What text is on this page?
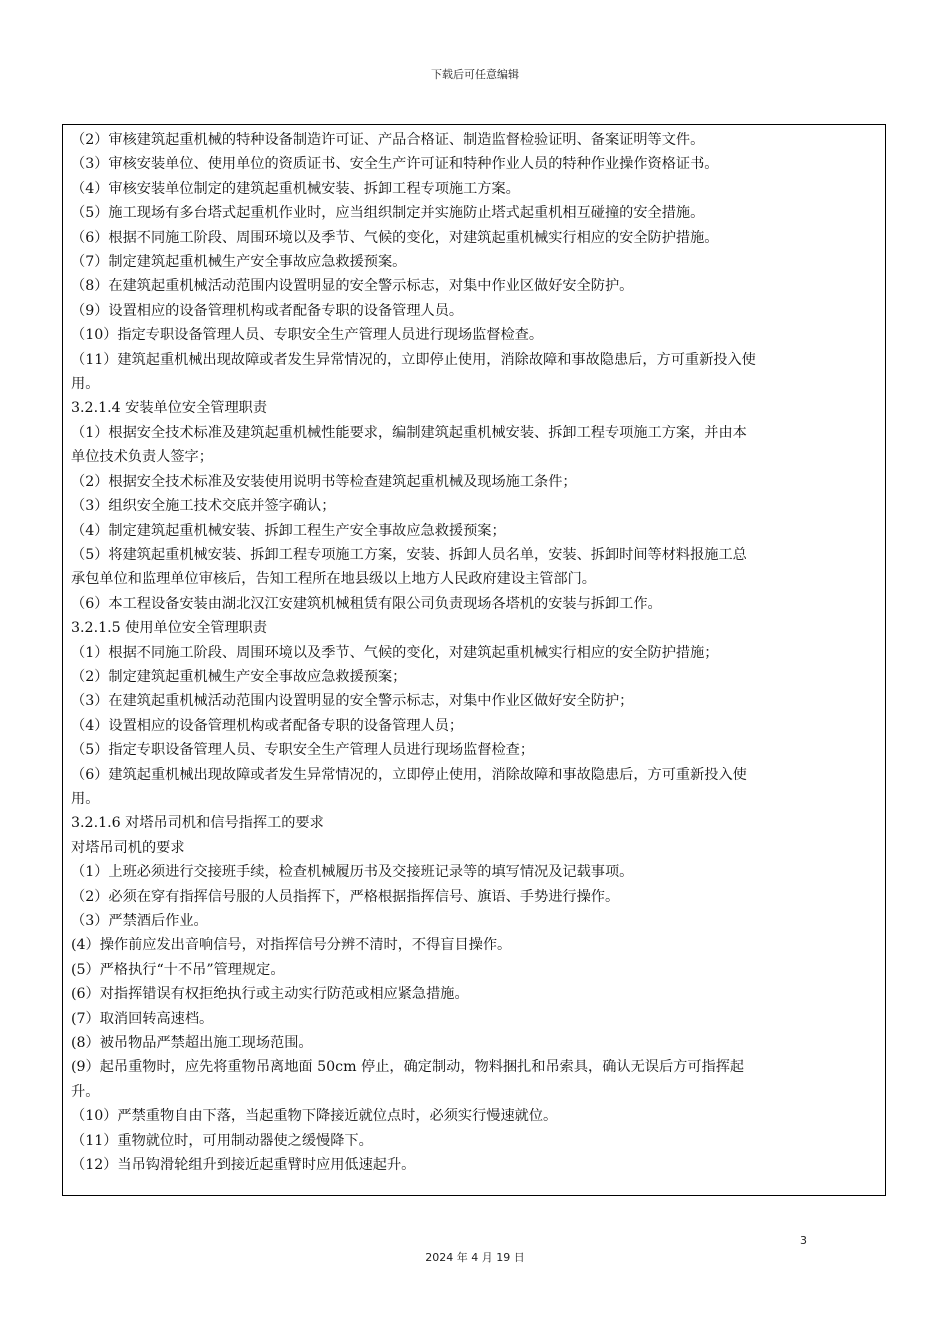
下载后可任意编辑
（2）审核建筑起重机械的特种设备制造许可证、产品合格证、制造监督检验证明、备案证明等文件。
（3）审核安装单位、使用单位的资质证书、安全生产许可证和特种作业人员的特种作业操作资格证书。
（4）审核安装单位制定的建筑起重机械安装、拆卸工程专项施工方案。
（5）施工现场有多台塔式起重机作业时，应当组织制定并实施防止塔式起重机相互碰撞的安全措施。
（6）根据不同施工阶段、周围环境以及季节、气候的变化，对建筑起重机械实行相应的安全防护措施。
（7）制定建筑起重机械生产安全事故应急救援预案。
（8）在建筑起重机械活动范围内设置明显的安全警示标志，对集中作业区做好安全防护。
（9）设置相应的设备管理机构或者配备专职的设备管理人员。
（10）指定专职设备管理人员、专职安全生产管理人员进行现场监督检查。
（11）建筑起重机械出现故障或者发生异常情况的，立即停止使用，消除故障和事故隐患后，方可重新投入使
用。
3.2.1.4 安装单位安全管理职责
（1）根据安全技术标准及建筑起重机械性能要求，编制建筑起重机械安装、拆卸工程专项施工方案，并由本
单位技术负责人签字；
（2）根据安全技术标准及安装使用说明书等检查建筑起重机械及现场施工条件；
（3）组织安全施工技术交底并签字确认；
（4）制定建筑起重机械安装、拆卸工程生产安全事故应急救援预案；
（5）将建筑起重机械安装、拆卸工程专项施工方案，安装、拆卸人员名单，安装、拆卸时间等材料报施工总
承包单位和监理单位审核后，告知工程所在地县级以上地方人民政府建设主管部门。
（6）本工程设备安装由湖北汉江安建筑机械租赁有限公司负责现场各塔机的安装与拆卸工作。
3.2.1.5 使用单位安全管理职责
（1）根据不同施工阶段、周围环境以及季节、气候的变化，对建筑起重机械实行相应的安全防护措施；
（2）制定建筑起重机械生产安全事故应急救援预案；
（3）在建筑起重机械活动范围内设置明显的安全警示标志，对集中作业区做好安全防护；
（4）设置相应的设备管理机构或者配备专职的设备管理人员；
（5）指定专职设备管理人员、专职安全生产管理人员进行现场监督检查；
（6）建筑起重机械出现故障或者发生异常情况的，立即停止使用，消除故障和事故隐患后，方可重新投入使
用。
3.2.1.6 对塔吊司机和信号指挥工的要求
对塔吊司机的要求
（1）上班必须进行交接班手续，检查机械履历书及交接班记录等的填写情况及记载事项。
（2）必须在穿有指挥信号服的人员指挥下，严格根据指挥信号、旗语、手势进行操作。
（3）严禁酒后作业。
(4）操作前应发出音响信号，对指挥信号分辨不清时，不得盲目操作。
(5）严格执行“十不吊”管理规定。
(6）对指挥错误有权拒绝执行或主动实行防范或相应紧急措施。
(7）取消回转高速档。
(8）被吊物品严禁超出施工现场范围。
(9）起吊重物时，应先将重物吊离地面 50cm 停止，确定制动，物料捆扎和吊索具，确认无误后方可指挥起
升。
（10）严禁重物自由下落，当起重物下降接近就位点时，必须实行慢速就位。
（11）重物就位时，可用制动器使之缓慢降下。
（12）当吊钩滑轮组升到接近起重臂时应用低速起升。
3
2024 年 4 月 19 日
